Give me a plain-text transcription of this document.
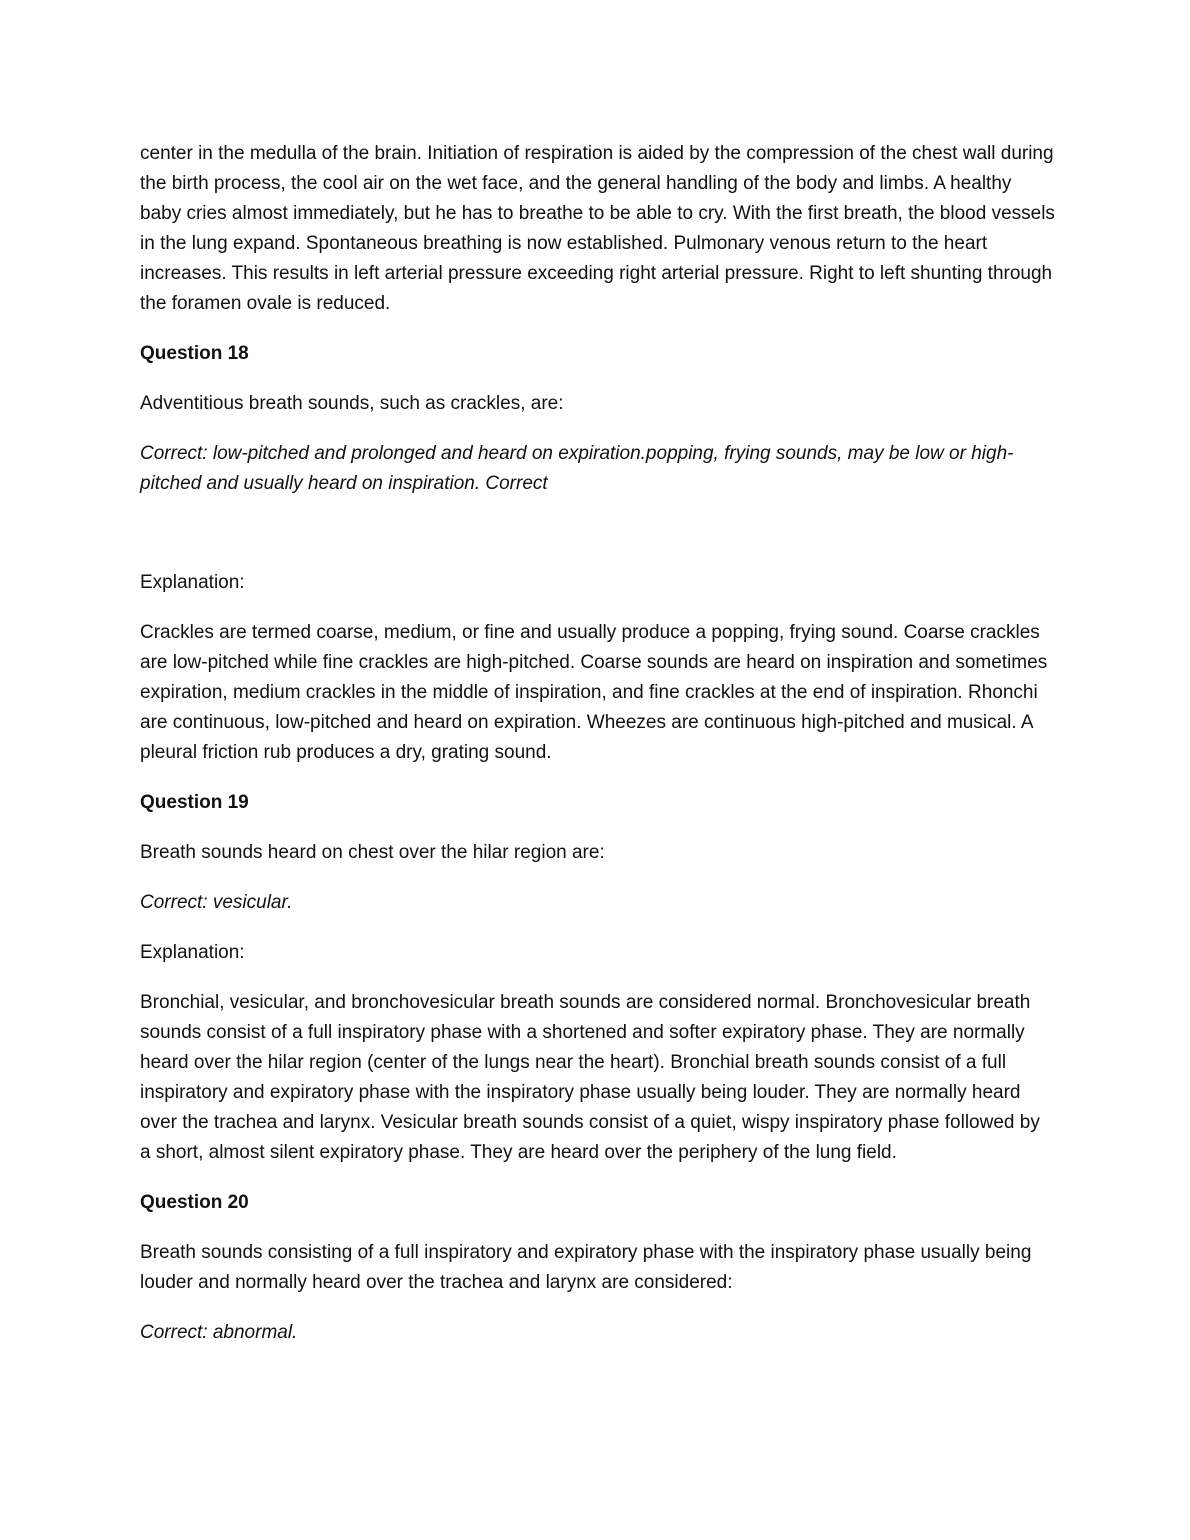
center in the medulla of the brain. Initiation of respiration is aided by the compression of the chest wall during the birth process, the cool air on the wet face, and the general handling of the body and limbs. A healthy baby cries almost immediately, but he has to breathe to be able to cry. With the first breath, the blood vessels in the lung expand. Spontaneous breathing is now established. Pulmonary venous return to the heart increases. This results in left arterial pressure exceeding right arterial pressure. Right to left shunting through the foramen ovale is reduced.

Question 18

Adventitious breath sounds, such as crackles, are:

Correct: low-pitched and prolonged and heard on expiration.popping, frying sounds, may be low or high-pitched and usually heard on inspiration. Correct

Explanation:

Crackles are termed coarse, medium, or fine and usually produce a popping, frying sound. Coarse crackles are low-pitched while fine crackles are high-pitched. Coarse sounds are heard on inspiration and sometimes expiration, medium crackles in the middle of inspiration, and fine crackles at the end of inspiration. Rhonchi are continuous, low-pitched and heard on expiration. Wheezes are continuous high-pitched and musical. A pleural friction rub produces a dry, grating sound.

Question 19

Breath sounds heard on chest over the hilar region are:

Correct: vesicular.

Explanation:

Bronchial, vesicular, and bronchovesicular breath sounds are considered normal. Bronchovesicular breath sounds consist of a full inspiratory phase with a shortened and softer expiratory phase. They are normally heard over the hilar region (center of the lungs near the heart). Bronchial breath sounds consist of a full inspiratory and expiratory phase with the inspiratory phase usually being louder. They are normally heard over the trachea and larynx. Vesicular breath sounds consist of a quiet, wispy inspiratory phase followed by a short, almost silent expiratory phase. They are heard over the periphery of the lung field.

Question 20

Breath sounds consisting of a full inspiratory and expiratory phase with the inspiratory phase usually being louder and normally heard over the trachea and larynx are considered:

Correct: abnormal.
